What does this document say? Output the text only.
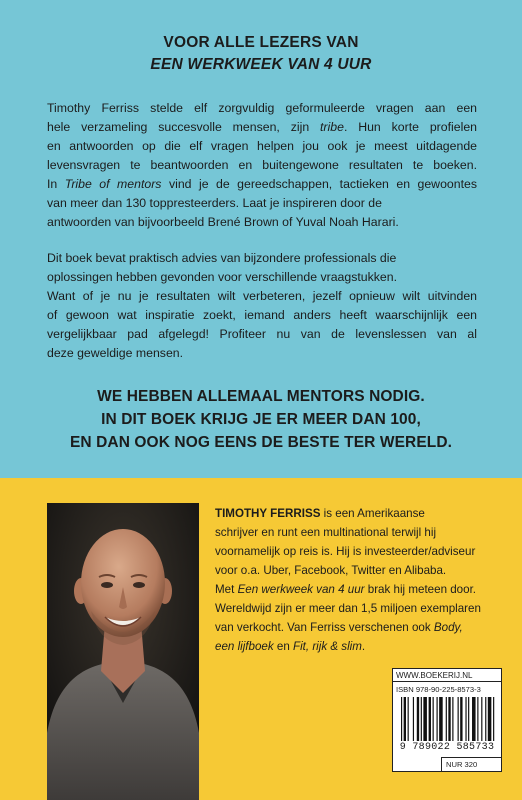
VOOR ALLE LEZERS VAN
EEN WERKWEEK VAN 4 UUR
Timothy Ferriss stelde elf zorgvuldig geformuleerde vragen aan een
hele verzameling succesvolle mensen, zijn tribe. Hun korte profielen
en antwoorden op die elf vragen helpen jou ook je meest uitdagende
levensvragen te beantwoorden en buitengewone resultaten te boeken.
In Tribe of mentors vind je de gereedschappen, tactieken en gewoontes
van meer dan 130 toppresteerders. Laat je inspireren door de
antwoorden van bijvoorbeeld Brené Brown of Yuval Noah Harari.
Dit boek bevat praktisch advies van bijzondere professionals die
oplossingen hebben gevonden voor verschillende vraagstukken.
Want of je nu je resultaten wilt verbeteren, jezelf opnieuw wilt uitvinden
of gewoon wat inspiratie zoekt, iemand anders heeft waarschijnlijk een
vergelijkbaar pad afgelegd! Profiteer nu van de levenslessen van al
deze geweldige mensen.
WE HEBBEN ALLEMAAL MENTORS NODIG.
IN DIT BOEK KRIJG JE ER MEER DAN 100,
EN DAN OOK NOG EENS DE BESTE TER WERELD.
TIMOTHY FERRISS is een Amerikaanse
schrijver en runt een multinational terwijl hij
voornamelijk op reis is. Hij is investeerder/adviseur
voor o.a. Uber, Facebook, Twitter en Alibaba.
Met Een werkweek van 4 uur brak hij meteen door.
Wereldwijd zijn er meer dan 1,5 miljoen exemplaren
van verkocht. Van Ferriss verschenen ook Body,
een lijfboek en Fit, rijk & slim.
WWW.BOEKERIJ.NL
ISBN 978-90-225-8573-3
9 789022 585733
NUR 320
